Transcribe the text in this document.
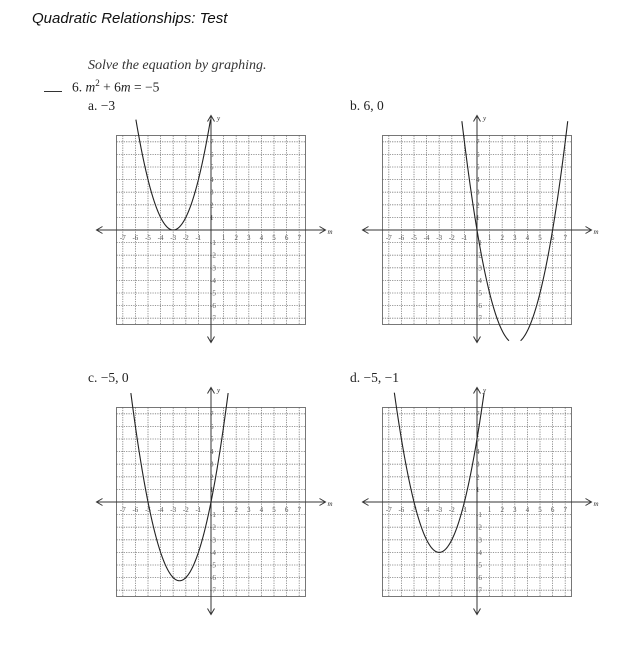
Quadratic Relationships: Test
Solve the equation by graphing.
6. $m^2 + 6m = -5$
a. −3	b. 6, 0
c. −5, 0	d. −5, −1
m
y
-7 -6 -5 -4 -3 -2 -1	1 2 3 4 5 6 7
7
6
5
4
3
2
1
-1
-2
-3
-4
-5
-6
-7
m
y
-7 -6 -5 -4 -3 -2 -1	1 2 3 4 5 6 7
7
6
5
4
3
2
1
-1
-2
-3
-4
-5
-6
-7
m
y
-7 -6 -5 -4 -3 -2 -1	1 2 3 4 5 6 7
7
6
5
4
3
2
1
-1
-2
-3
-4
-5
-6
-7
m
y
-7 -6 -5 -4 -3 -2 -1	1 2 3 4 5 6 7
7
6
5
4
3
2
1
-1
-2
-3
-4
-5
-6
-7
